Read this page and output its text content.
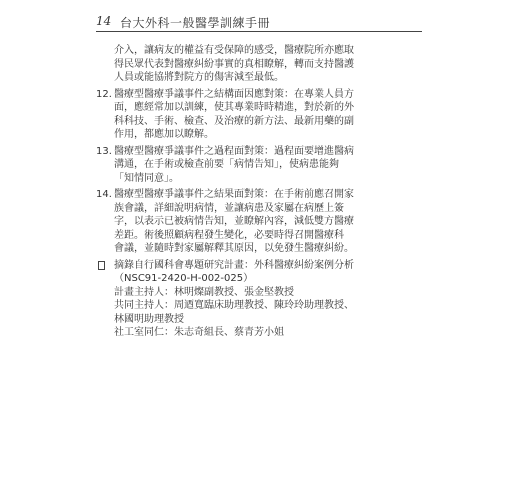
14 台大外科一般醫學訓練手冊
介入，讓病友的權益有受保障的感受，醫療院所亦應取
得民眾代表對醫療糾紛事實的真相瞭解，轉而支持醫護
人員或能協將對院方的傷害減至最低。
12. 醫療型醫療爭議事件之結構面因應對策：在專業人員方
面，應經常加以訓練，使其專業時時精進，對於新的外
科科技、手術、檢查、及治療的新方法、最新用藥的副
作用，都應加以瞭解。
13. 醫療型醫療爭議事件之過程面對策：過程面要增進醫病
溝通，在手術或檢查前要「病情告知」，使病患能夠
「知情同意」。
14. 醫療型醫療爭議事件之結果面對策：在手術前應召開家
族會議，詳細說明病情，並讓病患及家屬在病歷上簽
字，以表示已被病情告知，並瞭解內容，減低雙方醫療
差距。術後照顧病程發生變化，必要時得召開醫療科
會議，並隨時對家屬解釋其原因，以免發生醫療糾紛。
摘錄自行國科會專題研究計畫：外科醫療糾紛案例分析
（NSC91-2420-H-002-025）
計畫主持人：林明燦副教授、張金堅教授
共同主持人：周迺寬臨床助理教授、陳玲玲助理教授、
林國明助理教授
社工室同仁：朱志奇組長、蔡青芳小姐
